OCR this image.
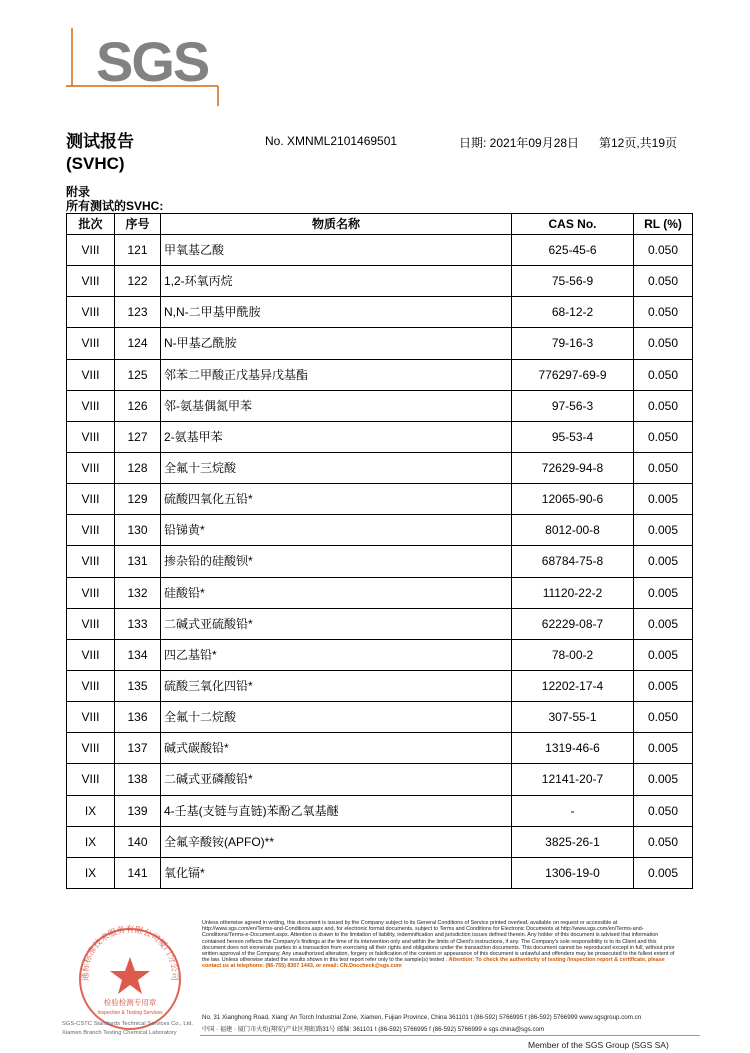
SGS
测试报告
(SVHC)
No. XMNML2101469501	日期: 2021年09月28日 第12页,共19页
附录
所有测试的SVHC:
批次	序号	物质名称	CAS No.	RL (%)
VIII	121	甲氧基乙酸	625-45-6	0.050
VIII	122	1,2-环氧丙烷	75-56-9	0.050
VIII	123	N,N-二甲基甲酰胺	68-12-2	0.050
VIII	124	N-甲基乙酰胺	79-16-3	0.050
VIII	125	邻苯二甲酸正戊基异戊基酯	776297-69-9	0.050
VIII	126	邻-氨基偶氮甲苯	97-56-3	0.050
VIII	127	2-氨基甲苯	95-53-4	0.050
VIII	128	全氟十三烷酸	72629-94-8	0.050
VIII	129	硫酸四氧化五铅*	12065-90-6	0.005
VIII	130	铅锑黄*	8012-00-8	0.005
VIII	131	掺杂铅的硅酸钡*	68784-75-8	0.005
VIII	132	硅酸铅*	11120-22-2	0.005
VIII	133	二碱式亚硫酸铅*	62229-08-7	0.005
VIII	134	四乙基铅*	78-00-2	0.005
VIII	135	硫酸三氧化四铅*	12202-17-4	0.005
VIII	136	全氟十二烷酸	307-55-1	0.050
VIII	137	碱式碳酸铅*	1319-46-6	0.005
VIII	138	二碱式亚磷酸铅*	12141-20-7	0.005
IX	139	4-壬基(支链与直链)苯酚乙氧基醚	-	0.050
IX	140	全氟辛酸铵(APFO)**	3825-26-1	0.050
IX	141	氧化镉*	1306-19-0	0.005
通标标准技术服务有限公司厦门分公司
检验检测专用章
Inspection & Testing Services
SGS-CSTC Standards Technical Services Co., Ltd.
Xiamen Branch Testing Chemical Laboratory
Unless otherwise agreed in writing, this document is issued by the Company subject to its General Conditions of Service printed overleaf, available on request or accessible at http://www.sgs.com/en/Terms-and-Conditions.aspx and, for electronic format documents, subject to Terms and Conditions for Electronic Documents at http://www.sgs.com/en/Terms-and-Conditions/Terms-e-Document.aspx. Attention is drawn to the limitation of liability, indemnification and jurisdiction issues defined therein. Any holder of this document is advised that information contained hereon reflects the Company's findings at the time of its intervention only and within the limits of Client's instructions, if any. The Company's sole responsibility is to its Client and this document does not exonerate parties to a transaction from exercising all their rights and obligations under the transaction documents. This document cannot be reproduced except in full, without prior written approval of the Company. Any unauthorized alteration, forgery or falsification of the content or appearance of this document is unlawful and offenders may be prosecuted to the fullest extent of the law. Unless otherwise stated the results shown in this test report refer only to the sample(s) tested . Attention: To check the authenticity of testing /inspection report & certificate, please contact us at telephone: (86-755) 8307 1443, or email: CN.Doccheck@sgs.com
No. 31 Xianghong Road, Xiang' An Torch Industrial Zone, Xiamen, Fujian Province, China 361101 t (86-592) 5766995 f (86-592) 5766999 www.sgsgroup.com.cn
中国 · 福建 · 厦门市火炬(翔安)产业区翔虹路31号 邮编: 361101 t (86-592) 5766995 f (86-592) 5766999 e sgs.china@sgs.com
Member of the SGS Group (SGS SA)
